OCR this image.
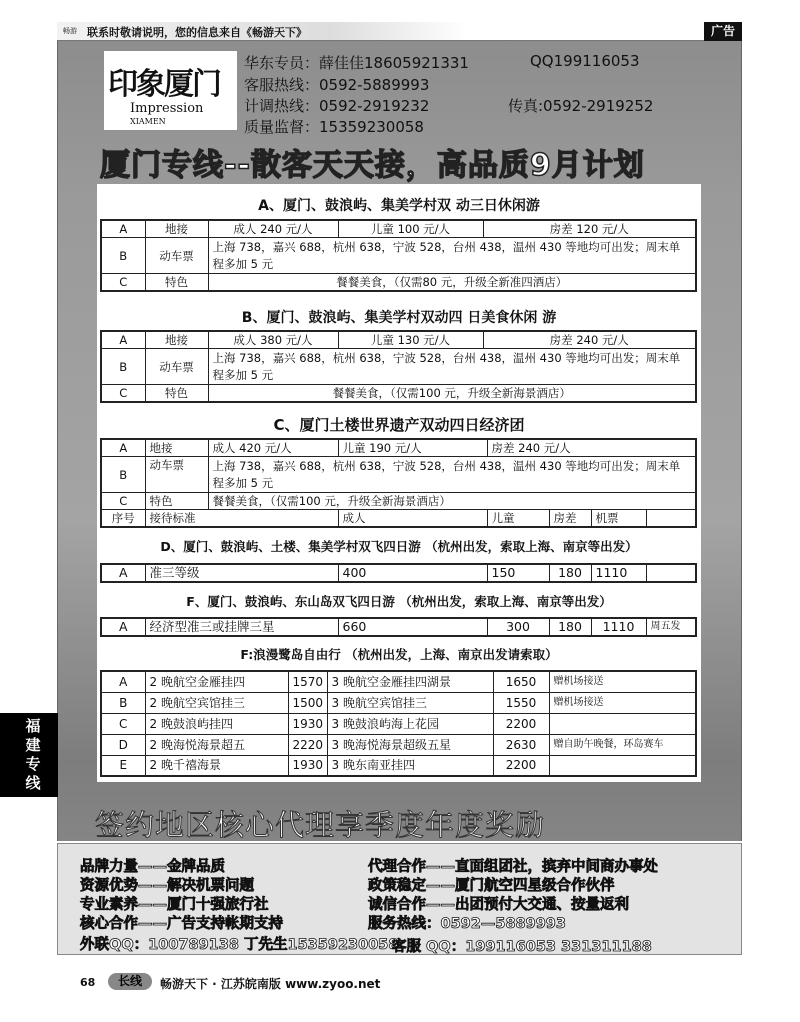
畅游 联系时敬请说明，您的信息来自《畅游天下》	广告
印象厦门
Impression
XIAMEN
华东专员：薛佳佳18605921331	QQ199116053
客服热线：0592-5889993
计调热线：0592-2919232	传真:0592-2919252
质量监督：15359230058
厦门专线--散客天天接，高品质9月计划
A、厦门、鼓浪屿、集美学村双 动三日休闲游
A	地接	成人 240 元/人	儿童 100 元/人	房差 120 元/人
B	动车票	上海 738，嘉兴 688，杭州 638，宁波 528，台州 438，温州 430 等地均可出发；周末单程多加 5 元		
C	特色	餐餐美食，（仅需80 元，升级全新准四酒店）		
B、厦门、鼓浪屿、集美学村双动四 日美食休闲 游
A	地接	成人 380 元/人	儿童 130 元/人	房差 240 元/人
B	动车票	上海 738，嘉兴 688，杭州 638，宁波 528，台州 438，温州 430 等地均可出发；周末单程多加 5 元		
C	特色	餐餐美食，（仅需100 元，升级全新海景酒店）		
C、厦门土楼世界遗产双动四日经济团
A	地接	成人 420 元/人	儿童 190 元/人	房差 240 元/人			
B	动车票	上海 738，嘉兴 688，杭州 638，宁波 528，台州 438，温州 430 等地均可出发；周末单程多加 5 元					
C	特色	餐餐美食，（仅需100 元，升级全新海景酒店）					
序号	接待标准		成人	儿童	房差	机票	
D、厦门、鼓浪屿、土楼、集美学村双飞四日游 （杭州出发，索取上海、南京等出发）
A	准三等级	400	150	180	1110	
F、厦门、鼓浪屿、东山岛双飞四日游 （杭州出发，索取上海、南京等出发）
A	经济型准三或挂牌三星	660	300	180	1110	周五发
F:浪漫鹭岛自由行 （杭州出发，上海、南京出发请索取）
A	2 晚航空金雁挂四	1570	3 晚航空金雁挂四湖景	1650	赠机场接送
B	2 晚航空宾馆挂三	1500	3 晚航空宾馆挂三	1550	赠机场接送
C	2 晚鼓浪屿挂四	1930	3 晚鼓浪屿海上花园	2200	
D	2 晚海悦海景超五	2220	3 晚海悦海景超级五星	2630	赠自助午晚餐，环岛赛车
E	2 晚千禧海景	1930	3 晚东南亚挂四	2200	
福
建
专
线
签约地区核心代理享季度年度奖励
品牌力量——金牌品质
资源优势——解决机票问题
专业素养——厦门十强旅行社
核心合作——广告支持帐期支持
代理合作——直面组团社，摈弃中间商办事处
政策稳定——厦门航空四星级合作伙伴
诚信合作——出团预付大交通、按量返利
服务热线：0592—5889993
外联QQ：100789138 丁先生15359230058
客服 QQ：199116053 331311188
68	长线	畅游天下 · 江苏皖南版 www.zyoo.net
